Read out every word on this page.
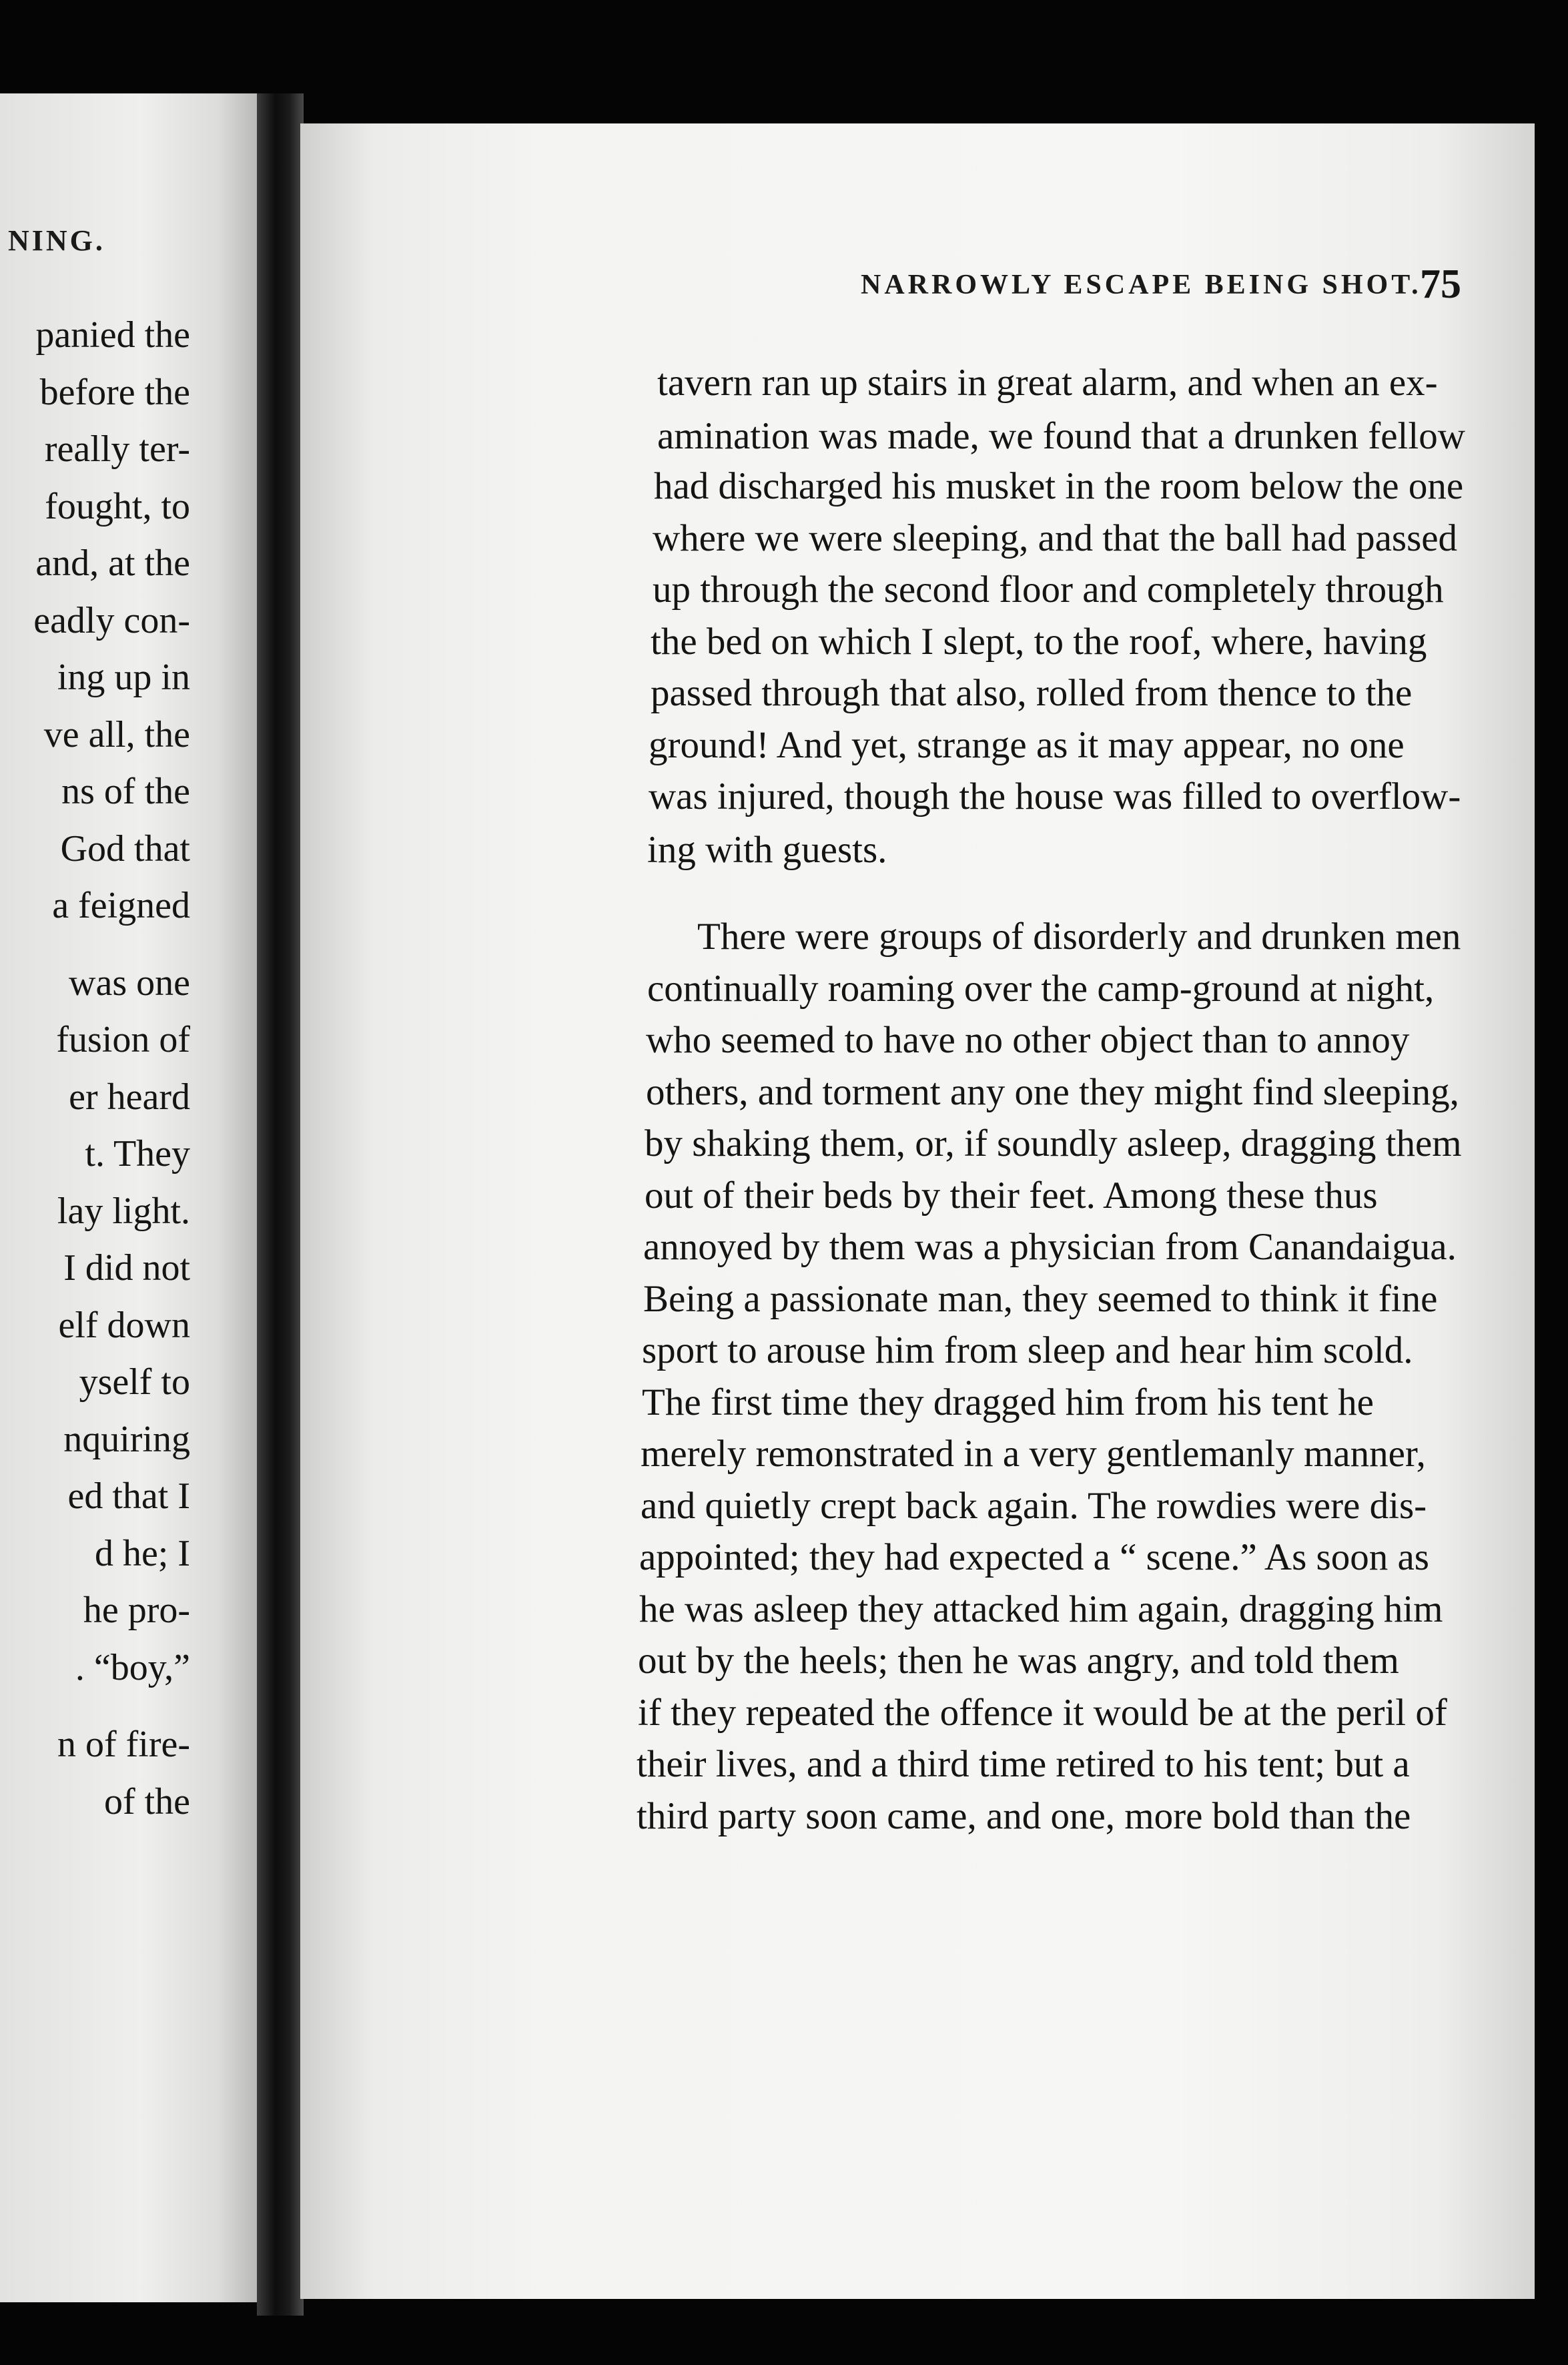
NING.
panied the
before the
really ter-
fought, to
and, at the
eadly con-
ing up in
ve all, the
ns of the
God that
a feigned
was one
fusion of
er heard
t. They
lay light.
I did not
elf down
yself to
nquiring
ed that I
d he; I
he pro-
. “boy,”
n of fire-
of the
NARROWLY ESCAPE BEING SHOT.
75
tavern ran up stairs in great alarm, and when an ex-
amination was made, we found that a drunken fellow
had discharged his musket in the room below the one
where we were sleeping, and that the ball had passed
up through the second floor and completely through
the bed on which I slept, to the roof, where, having
passed through that also, rolled from thence to the
ground! And yet, strange as it may appear, no one
was injured, though the house was filled to overflow-
ing with guests.
There were groups of disorderly and drunken men
continually roaming over the camp-ground at night,
who seemed to have no other object than to annoy
others, and torment any one they might find sleeping,
by shaking them, or, if soundly asleep, dragging them
out of their beds by their feet. Among these thus
annoyed by them was a physician from Canandaigua.
Being a passionate man, they seemed to think it fine
sport to arouse him from sleep and hear him scold.
The first time they dragged him from his tent he
merely remonstrated in a very gentlemanly manner,
and quietly crept back again. The rowdies were dis-
appointed; they had expected a “ scene.” As soon as
he was asleep they attacked him again, dragging him
out by the heels; then he was angry, and told them
if they repeated the offence it would be at the peril of
their lives, and a third time retired to his tent; but a
third party soon came, and one, more bold than the
